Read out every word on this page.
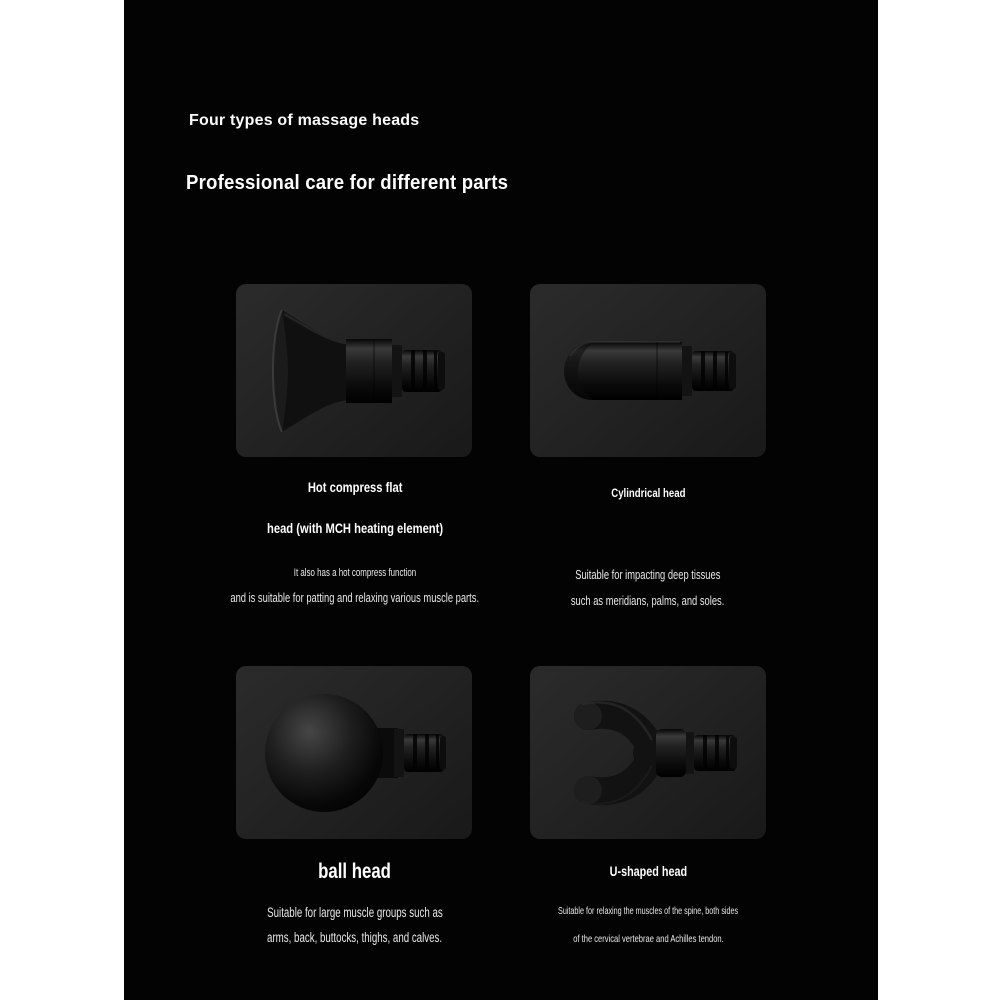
Four types of massage heads
Professional care for different parts
Hot compress flat
head (with MCH heating element)
It also has a hot compress function
and is suitable for patting and relaxing various muscle parts.
Cylindrical head
Suitable for impacting deep tissues
such as meridians, palms, and soles.
ball head
Suitable for large muscle groups such as
arms, back, buttocks, thighs, and calves.
U-shaped head
Suitable for relaxing the muscles of the spine, both sides
of the cervical vertebrae and Achilles tendon.
